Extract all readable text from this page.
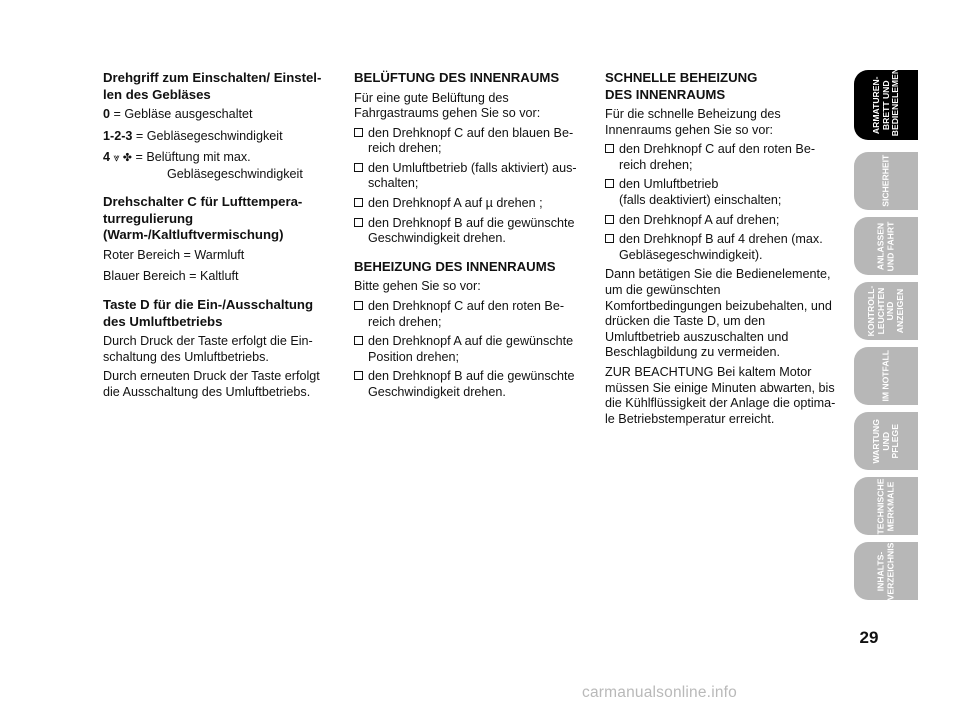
Drehgriff zum Einschalten/ Einstel-
len des Gebläses

0 = Gebläse ausgeschaltet

1-2-3 = Gebläsegeschwindigkeit

4 ⩔ ✤ = Belüftung mit max. Gebläsegeschwindigkeit

Drehschalter C für Lufttempera-
turregulierung
(Warm-/Kaltluftvermischung)

Roter Bereich = Warmluft

Blauer Bereich = Kaltluft

Taste D für die Ein-/Ausschaltung
des Umluftbetriebs

Durch Druck der Taste erfolgt die Ein-schaltung des Umluftbetriebs.

Durch erneuten Druck der Taste erfolgt die Ausschaltung des Umluftbetriebs.

BELÜFTUNG DES INNENRAUMS

Für eine gute Belüftung des Fahrgastraums gehen Sie so vor:

den Drehknopf C auf den blauen Be-reich drehen;

den Umluftbetrieb (falls aktiviert) aus-schalten;

den Drehknopf A auf µ drehen ;

den Drehknopf B auf die gewünschte Geschwindigkeit drehen.

BEHEIZUNG DES INNENRAUMS

Bitte gehen Sie so vor:

den Drehknopf C auf den roten Be-reich drehen;

den Drehknopf A auf die gewünschte Position drehen;

den Drehknopf B auf die gewünschte Geschwindigkeit drehen.

SCHNELLE BEHEIZUNG
DES INNENRAUMS

Für die schnelle Beheizung des Innenraums gehen Sie so vor:

den Drehknopf C auf den roten Be-reich drehen;

den Umluftbetrieb
(falls deaktiviert) einschalten;

den Drehknopf A auf drehen;

den Drehknopf B auf 4 drehen (max. Gebläsegeschwindigkeit).

Dann betätigen Sie die Bedienelemente, um die gewünschten Komfortbedingungen beizubehalten, und drücken die Taste D, um den Umluftbetrieb auszuschalten und Beschlagbildung zu vermeiden.

ZUR BEACHTUNG Bei kaltem Motor müssen Sie einige Minuten abwarten, bis die Kühlflüssigkeit der Anlage die optima-le Betriebstemperatur erreicht.

ARMATUREN-
BRETT UND
BEDIENELEMENTE
SICHERHEIT
ANLASSEN
UND FAHRT
KONTROLL-
LEUCHTEN UND
ANZEIGEN
IM NOTFALL
WARTUNG UND
PFLEGE
TECHNISCHE
MERKMALE
INHALTS-
VERZEICHNIS
29
carmanualsonline.info
